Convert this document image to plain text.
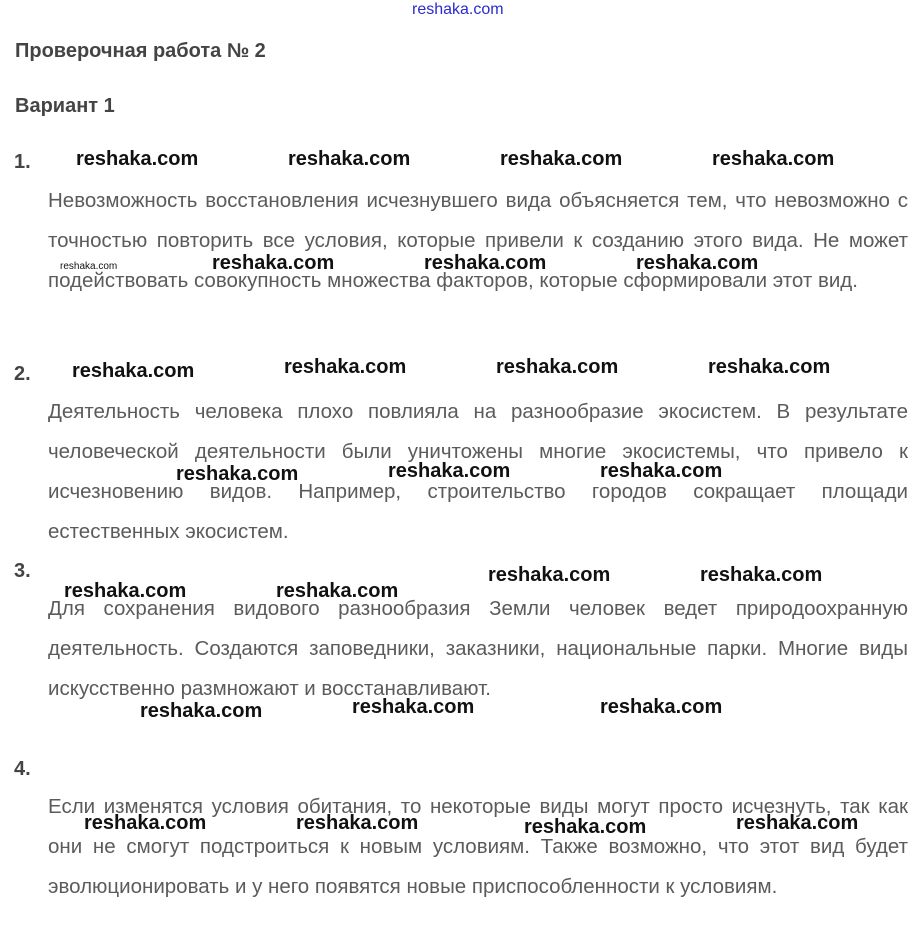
reshaka.com
Проверочная работа № 2
Вариант 1
1.

Невозможность восстановления исчезнувшего вида объясняется тем, что невозможно с точностью повторить все условия, которые привели к созданию этого вида. Не может подействовать совокупность множества факторов, которые сформировали этот вид.

2.

Деятельность человека плохо повлияла на разнообразие экосистем. В результате человеческой деятельности были уничтожены многие экосистемы, что привело к исчезновению видов. Например, строительство городов сокращает площади естественных экосистем.

3.

Для сохранения видового разнообразия Земли человек ведет природоохранную деятельность. Создаются заповедники, заказники, национальные парки. Многие виды искусственно размножают и восстанавливают.

4.

Если изменятся условия обитания, то некоторые виды могут просто исчезнуть, так как они не смогут подстроиться к новым условиям. Также возможно, что этот вид будет эволюционировать и у него появятся новые приспособленности к условиям.

reshaka.com	reshaka.com	reshaka.com	reshaka.com
reshaka.com	reshaka.com	reshaka.com	reshaka.com
reshaka.com	reshaka.com	reshaka.com	reshaka.com
reshaka.com	reshaka.com	reshaka.com
reshaka.com	reshaka.com
reshaka.com	reshaka.com
reshaka.com	reshaka.com	reshaka.com
reshaka.com	reshaka.com	reshaka.com	reshaka.com
